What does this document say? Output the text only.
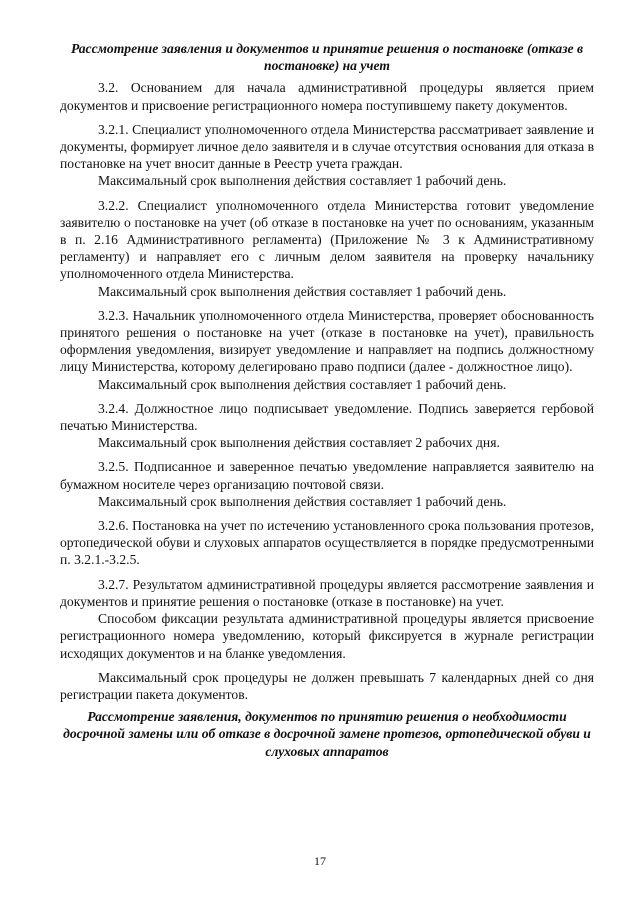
Рассмотрение заявления и документов и принятие решения о постановке (отказе в постановке) на учет

3.2. Основанием для начала административной процедуры является прием документов и присвоение регистрационного номера поступившему пакету документов.

3.2.1. Специалист уполномоченного отдела Министерства рассматривает заявление и документы, формирует личное дело заявителя и в случае отсутствия основания для отказа в постановке на учет вносит данные в Реестр учета граждан.

Максимальный срок выполнения действия составляет 1 рабочий день.

3.2.2. Специалист уполномоченного отдела Министерства готовит уведомление заявителю о постановке на учет (об отказе в постановке на учет по основаниям, указанным в п. 2.16 Административного регламента) (Приложение № 3 к Административному регламенту) и направляет его с личным делом заявителя на проверку начальнику уполномоченного отдела Министерства.

Максимальный срок выполнения действия составляет 1 рабочий день.

3.2.3. Начальник уполномоченного отдела Министерства, проверяет обоснованность принятого решения о постановке на учет (отказе в постановке на учет), правильность оформления уведомления, визирует уведомление и направляет на подпись должностному лицу Министерства, которому делегировано право подписи (далее - должностное лицо).

Максимальный срок выполнения действия составляет 1 рабочий день.

3.2.4. Должностное лицо подписывает уведомление. Подпись заверяется гербовой печатью Министерства.

Максимальный срок выполнения действия составляет 2 рабочих дня.

3.2.5. Подписанное и заверенное печатью уведомление направляется заявителю на бумажном носителе через организацию почтовой связи.

Максимальный срок выполнения действия составляет 1 рабочий день.

3.2.6. Постановка на учет по истечению установленного срока пользования протезов, ортопедической обуви и слуховых аппаратов осуществляется в порядке предусмотренными п. 3.2.1.-3.2.5.

3.2.7. Результатом административной процедуры является рассмотрение заявления и документов и принятие решения о постановке (отказе в постановке) на учет.

Способом фиксации результата административной процедуры является присвоение регистрационного номера уведомлению, который фиксируется в журнале регистрации исходящих документов и на бланке уведомления.

Максимальный срок процедуры не должен превышать 7 календарных дней со дня регистрации пакета документов.

Рассмотрение заявления, документов по принятию решения о необходимости досрочной замены или об отказе в досрочной замене протезов, ортопедической обуви и слуховых аппаратов

17
